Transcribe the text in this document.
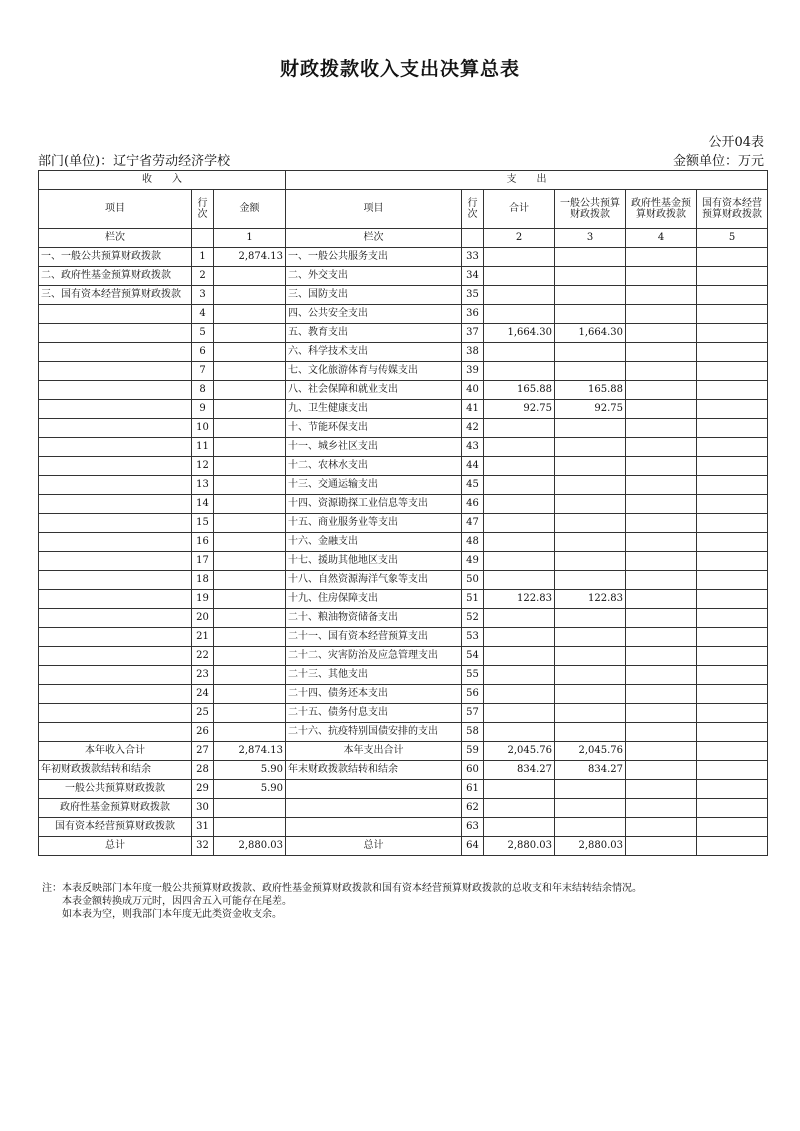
财政拨款收入支出决算总表
公开04表
部门(单位)：辽宁省劳动经济学校	金额单位：万元
收　　入			支　　出					
项目	行次	金额	项目	行次	合计	一般公共预算财政拨款	政府性基金预算财政拨款	国有资本经营预算财政拨款
栏次		1	栏次		2	3	4	5
一、一般公共预算财政拨款	1	2,874.13	一、一般公共服务支出	33				
二、政府性基金预算财政拨款	2		二、外交支出	34				
三、国有资本经营预算财政拨款	3		三、国防支出	35				
	4		四、公共安全支出	36				
	5		五、教育支出	37	1,664.30	1,664.30		
	6		六、科学技术支出	38				
	7		七、文化旅游体育与传媒支出	39				
	8		八、社会保障和就业支出	40	165.88	165.88		
	9		九、卫生健康支出	41	92.75	92.75		
	10		十、节能环保支出	42				
	11		十一、城乡社区支出	43				
	12		十二、农林水支出	44				
	13		十三、交通运输支出	45				
	14		十四、资源勘探工业信息等支出	46				
	15		十五、商业服务业等支出	47				
	16		十六、金融支出	48				
	17		十七、援助其他地区支出	49				
	18		十八、自然资源海洋气象等支出	50				
	19		十九、住房保障支出	51	122.83	122.83		
	20		二十、粮油物资储备支出	52				
	21		二十一、国有资本经营预算支出	53				
	22		二十二、灾害防治及应急管理支出	54				
	23		二十三、其他支出	55				
	24		二十四、债务还本支出	56				
	25		二十五、债务付息支出	57				
	26		二十六、抗疫特别国债安排的支出	58				
本年收入合计	27	2,874.13	本年支出合计	59	2,045.76	2,045.76		
年初财政拨款结转和结余	28	5.90	年末财政拨款结转和结余	60	834.27	834.27		
一般公共预算财政拨款	29	5.90		61				
政府性基金预算财政拨款	30			62				
国有资本经营预算财政拨款	31			63				
总计	32	2,880.03	总计	64	2,880.03	2,880.03		
注：本表反映部门本年度一般公共预算财政拨款、政府性基金预算财政拨款和国有资本经营预算财政拨款的总收支和年末结转结余情况。
　　本表金额转换成万元时，因四舍五入可能存在尾差。
　　如本表为空，则我部门本年度无此类资金收支余。
